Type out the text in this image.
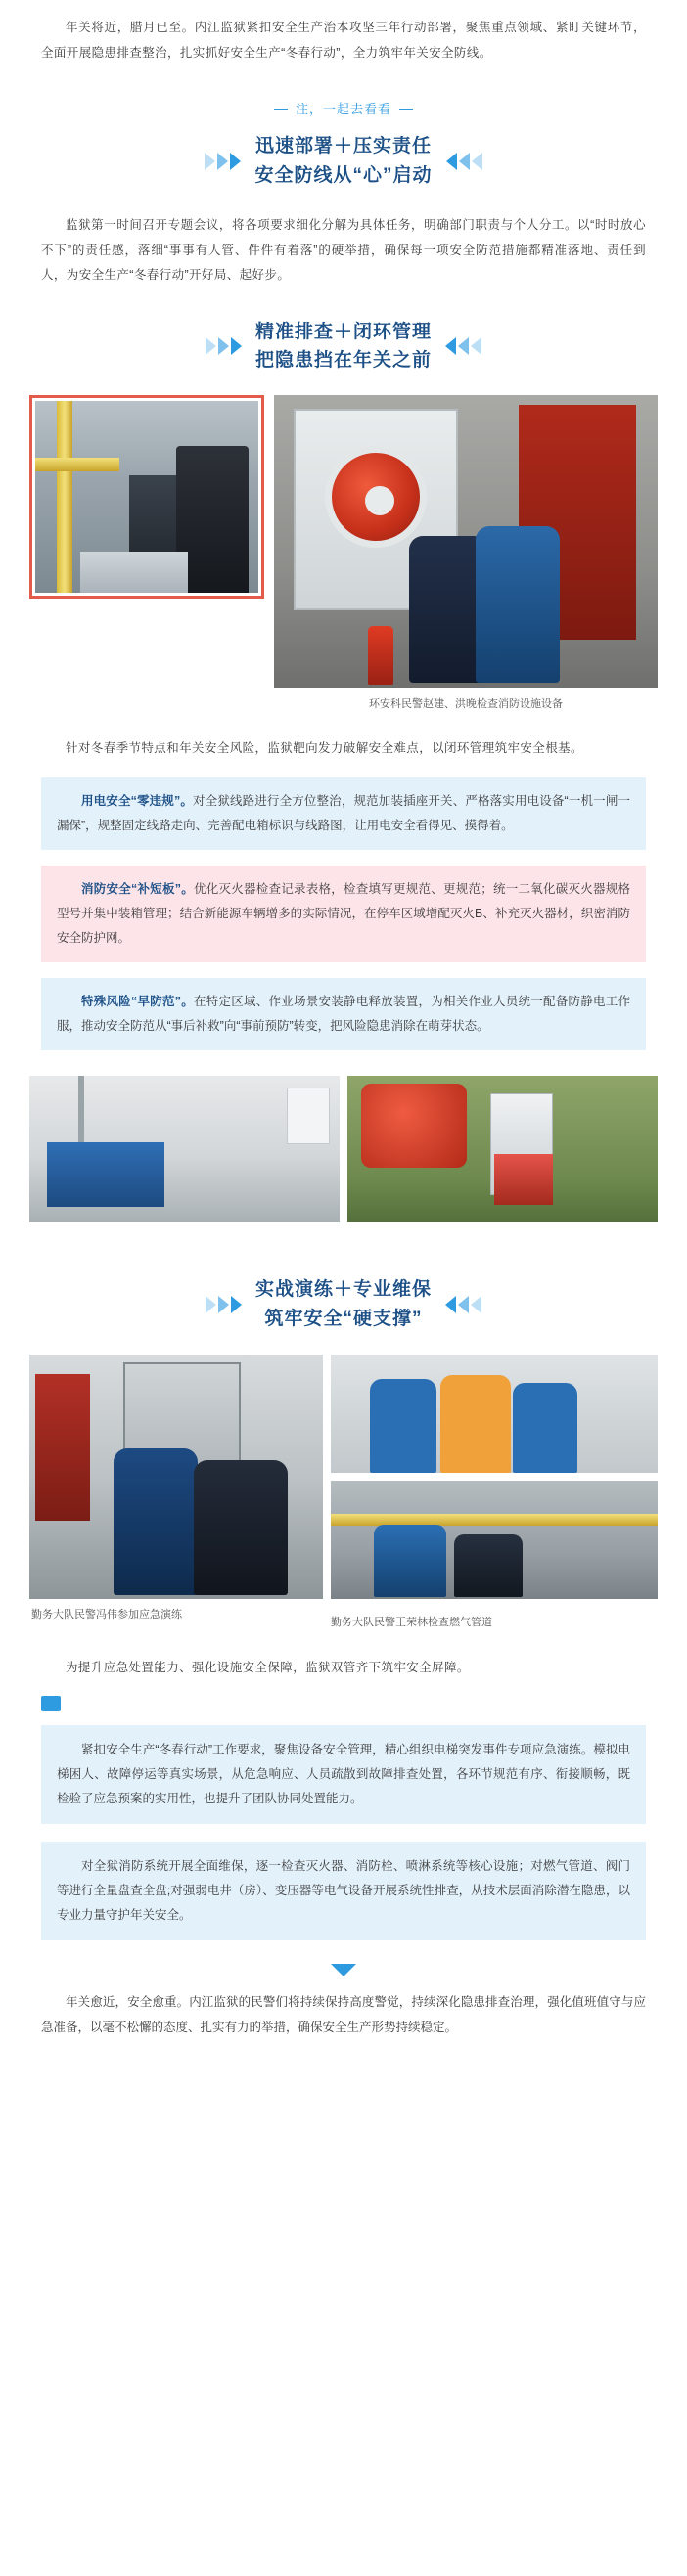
年关将近，腊月已至。内江监狱紧扣安全生产治本攻坚三年行动部署，聚焦重点领域、紧盯关键环节，全面开展隐患排查整治，扎实抓好安全生产“冬春行动”，全力筑牢年关安全防线。

注，一起去看看
迅速部署＋压实责任
安全防线从“心”启动

监狱第一时间召开专题会议，将各项要求细化分解为具体任务，明确部门职责与个人分工。以“时时放心不下”的责任感，落细“事事有人管、件件有着落”的硬举措，确保每一项安全防范措施都精准落地、责任到人，为安全生产“冬春行动”开好局、起好步。

精准排查＋闭环管理
把隐患挡在年关之前
环安科民警赵建、洪晚检查消防设施设备

针对冬春季节特点和年关安全风险，监狱靶向发力破解安全难点，以闭环管理筑牢安全根基。

用电安全“零违规”。对全狱线路进行全方位整治，规范加装插座开关、严格落实用电设备“一机一闸一漏保”，规整固定线路走向、完善配电箱标识与线路图，让用电安全看得见、摸得着。
消防安全“补短板”。优化灭火器检查记录表格，检查填写更规范、更规范；统一二氧化碳灭火器规格型号并集中装箱管理；结合新能源车辆增多的实际情况，在停车区域增配灭火Б、补充灭火器材，织密消防安全防护网。
特殊风险“早防范”。在特定区域、作业场景安装静电释放装置，为相关作业人员统一配备防静电工作服，推动安全防范从“事后补救”向“事前预防”转变，把风险隐患消除在萌芽状态。
实战演练＋专业维保
筑牢安全“硬支撑”
勤务大队民警冯伟参加应急演练
勤务大队民警王荣林检查燃气管道

为提升应急处置能力、强化设施安全保障，监狱双管齐下筑牢安全屏障。

紧扣安全生产“冬春行动”工作要求，聚焦设备安全管理，精心组织电梯突发事件专项应急演练。模拟电梯困人、故障停运等真实场景，从危急响应、人员疏散到故障排查处置，各环节规范有序、衔接顺畅，既检验了应急预案的实用性，也提升了团队协同处置能力。
对全狱消防系统开展全面维保，逐一检查灭火器、消防栓、喷淋系统等核心设施；对燃气管道、阀门等进行全量盘查全盘;对强弱电井（房）、变压器等电气设备开展系统性排查，从技术层面消除潜在隐患，以专业力量守护年关安全。

年关愈近，安全愈重。内江监狱的民警们将持续保持高度警觉，持续深化隐患排查治理，强化值班值守与应急准备，以毫不松懈的态度、扎实有力的举措，确保安全生产形势持续稳定。
